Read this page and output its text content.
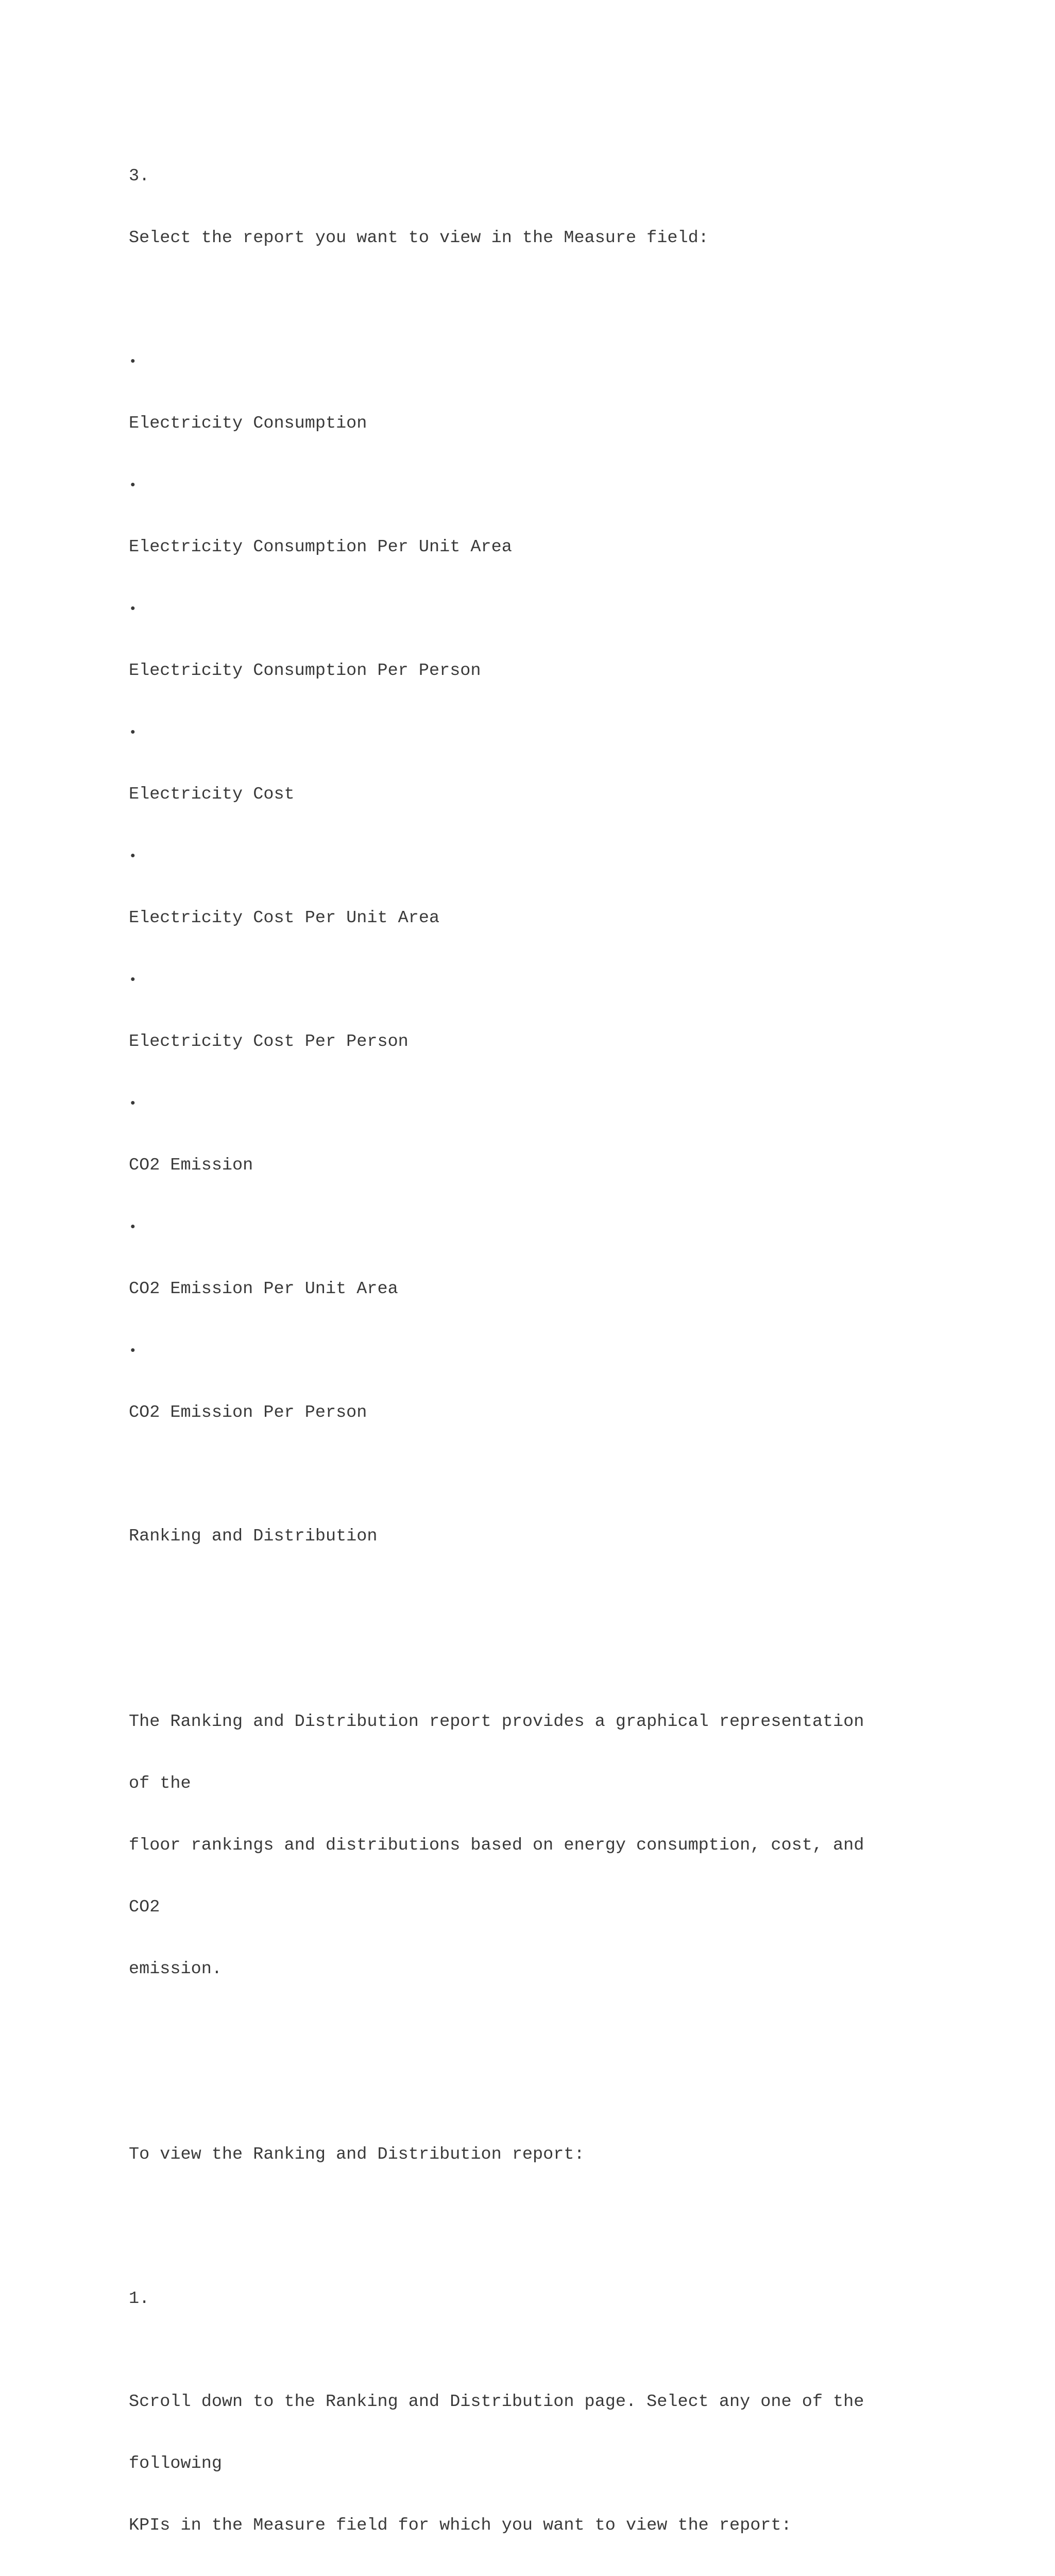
3.

Select the report you want to view in the Measure field:

•

Electricity Consumption

•

Electricity Consumption Per Unit Area

•

Electricity Consumption Per Person

•

Electricity Cost

•

Electricity Cost Per Unit Area

•

Electricity Cost Per Person

•

CO2 Emission

•

CO2 Emission Per Unit Area

•

CO2 Emission Per Person

Ranking and Distribution

The Ranking and Distribution report provides a graphical representation

of the

floor rankings and distributions based on energy consumption, cost, and

CO2

emission.

To view the Ranking and Distribution report:

1.

Scroll down to the Ranking and Distribution page. Select any one of the

following

KPIs in the Measure field for which you want to view the report:
